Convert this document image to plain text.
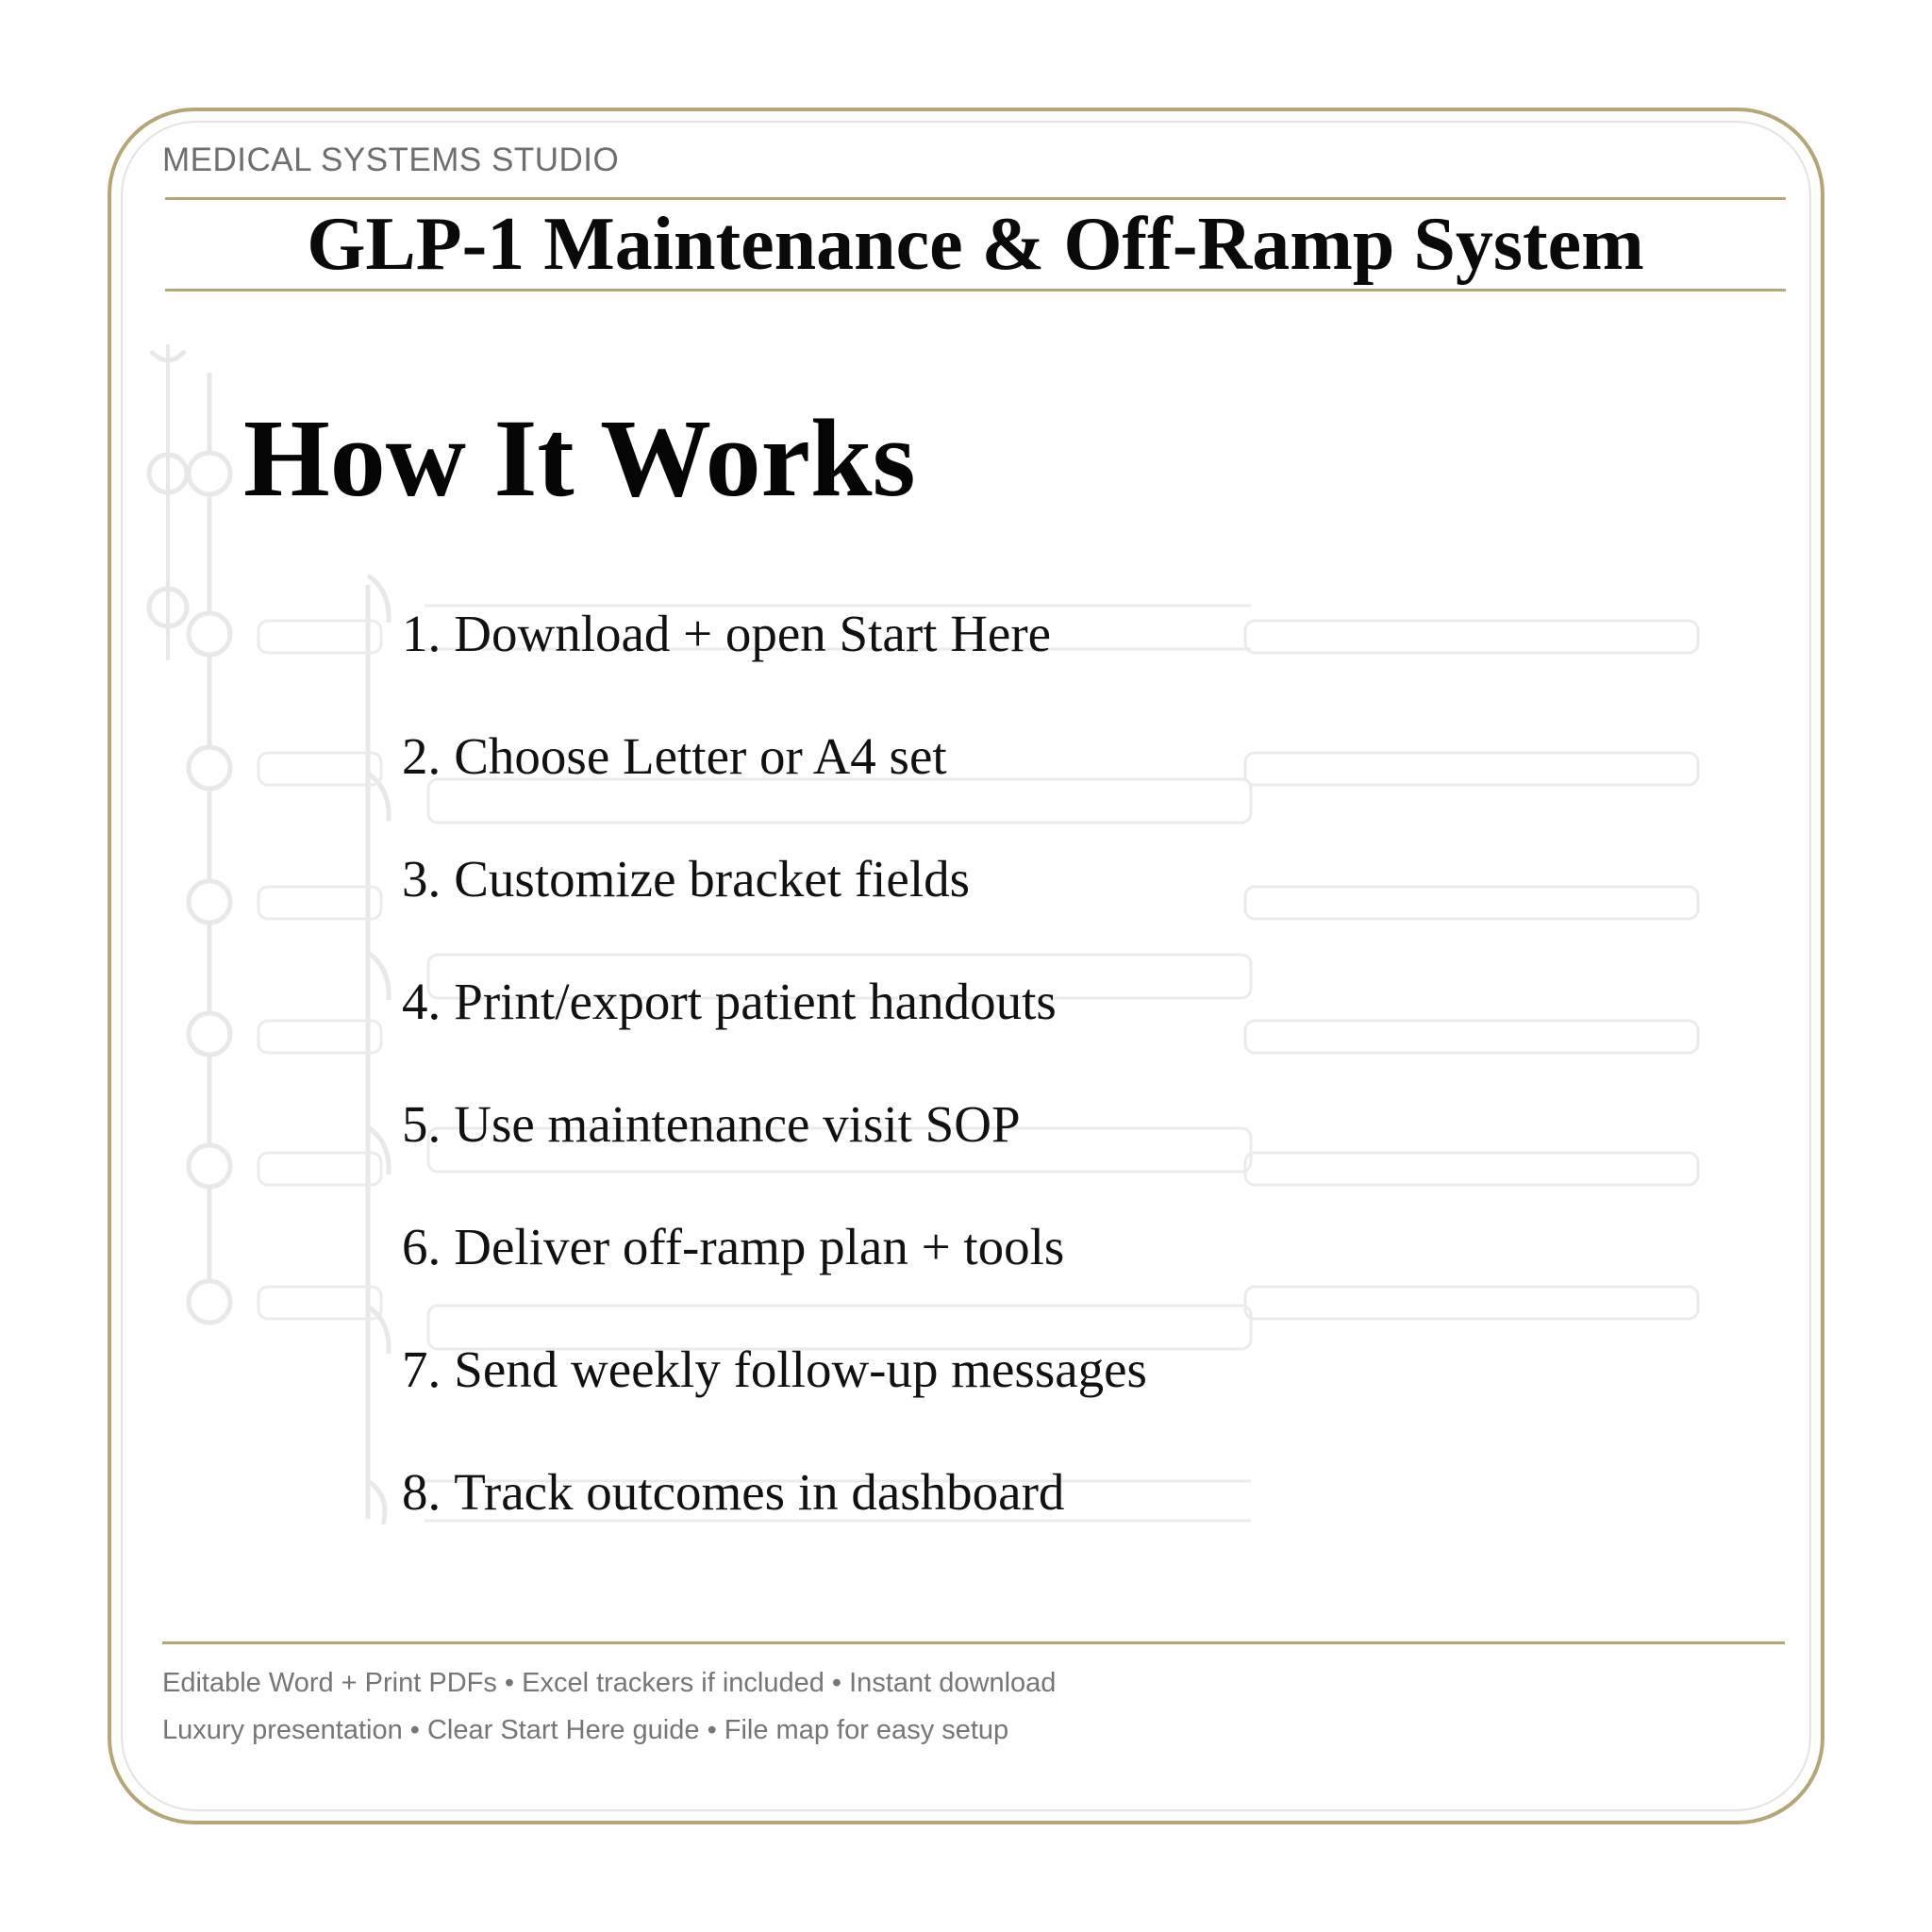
MEDICAL SYSTEMS STUDIO
GLP-1 Maintenance & Off-Ramp System
How It Works
1. Download + open Start Here
2. Choose Letter or A4 set
3. Customize bracket fields
4. Print/export patient handouts
5. Use maintenance visit SOP
6. Deliver off-ramp plan + tools
7. Send weekly follow-up messages
8. Track outcomes in dashboard
Editable Word + Print PDFs • Excel trackers if included • Instant download
Luxury presentation • Clear Start Here guide • File map for easy setup
